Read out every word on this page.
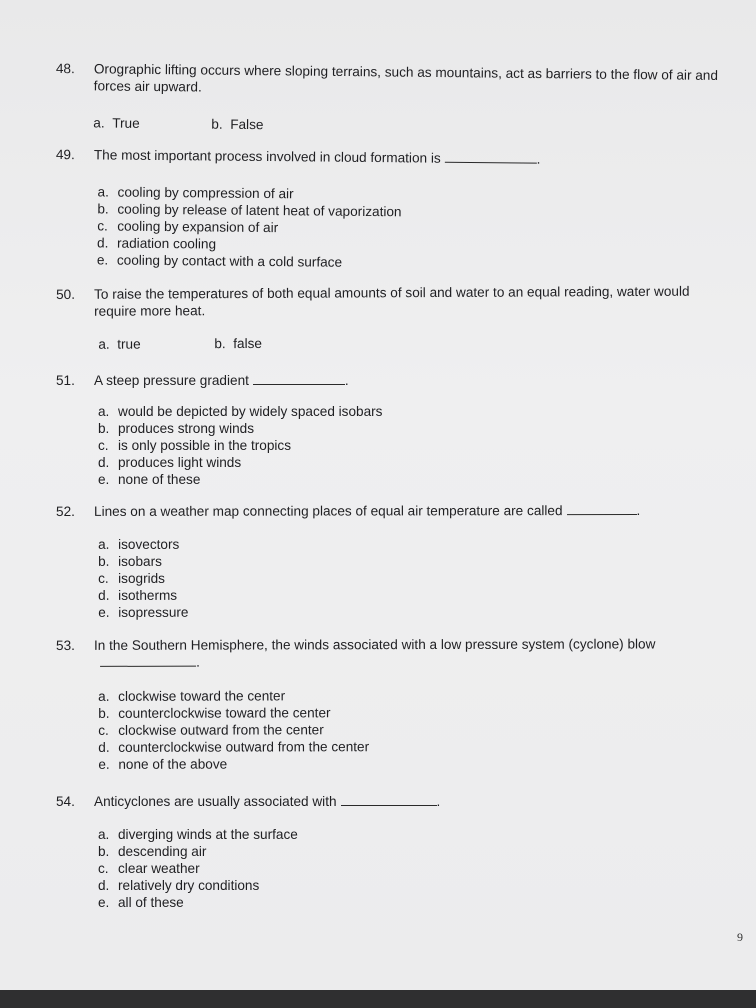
48.	Orographic lifting occurs where sloping terrains, such as mountains, act as barriers to the flow of air and forces air upward.
a. True	b. False
49.	The most important process involved in cloud formation is	.
a. cooling by compression of air
b. cooling by release of latent heat of vaporization
c. cooling by expansion of air
d. radiation cooling
e. cooling by contact with a cold surface
50.	To raise the temperatures of both equal amounts of soil and water to an equal reading, water would require more heat.
a. true	b. false
51.	A steep pressure gradient	.
a. would be depicted by widely spaced isobars
b. produces strong winds
c. is only possible in the tropics
d. produces light winds
e. none of these
52.	Lines on a weather map connecting places of equal air temperature are called	.
a. isovectors
b. isobars
c. isogrids
d. isotherms
e. isopressure
53.	In the Southern Hemisphere, the winds associated with a low pressure system (cyclone) blow
.
a. clockwise toward the center
b. counterclockwise toward the center
c. clockwise outward from the center
d. counterclockwise outward from the center
e. none of the above
54.	Anticyclones are usually associated with	.
a. diverging winds at the surface
b. descending air
c. clear weather
d. relatively dry conditions
e. all of these
9
